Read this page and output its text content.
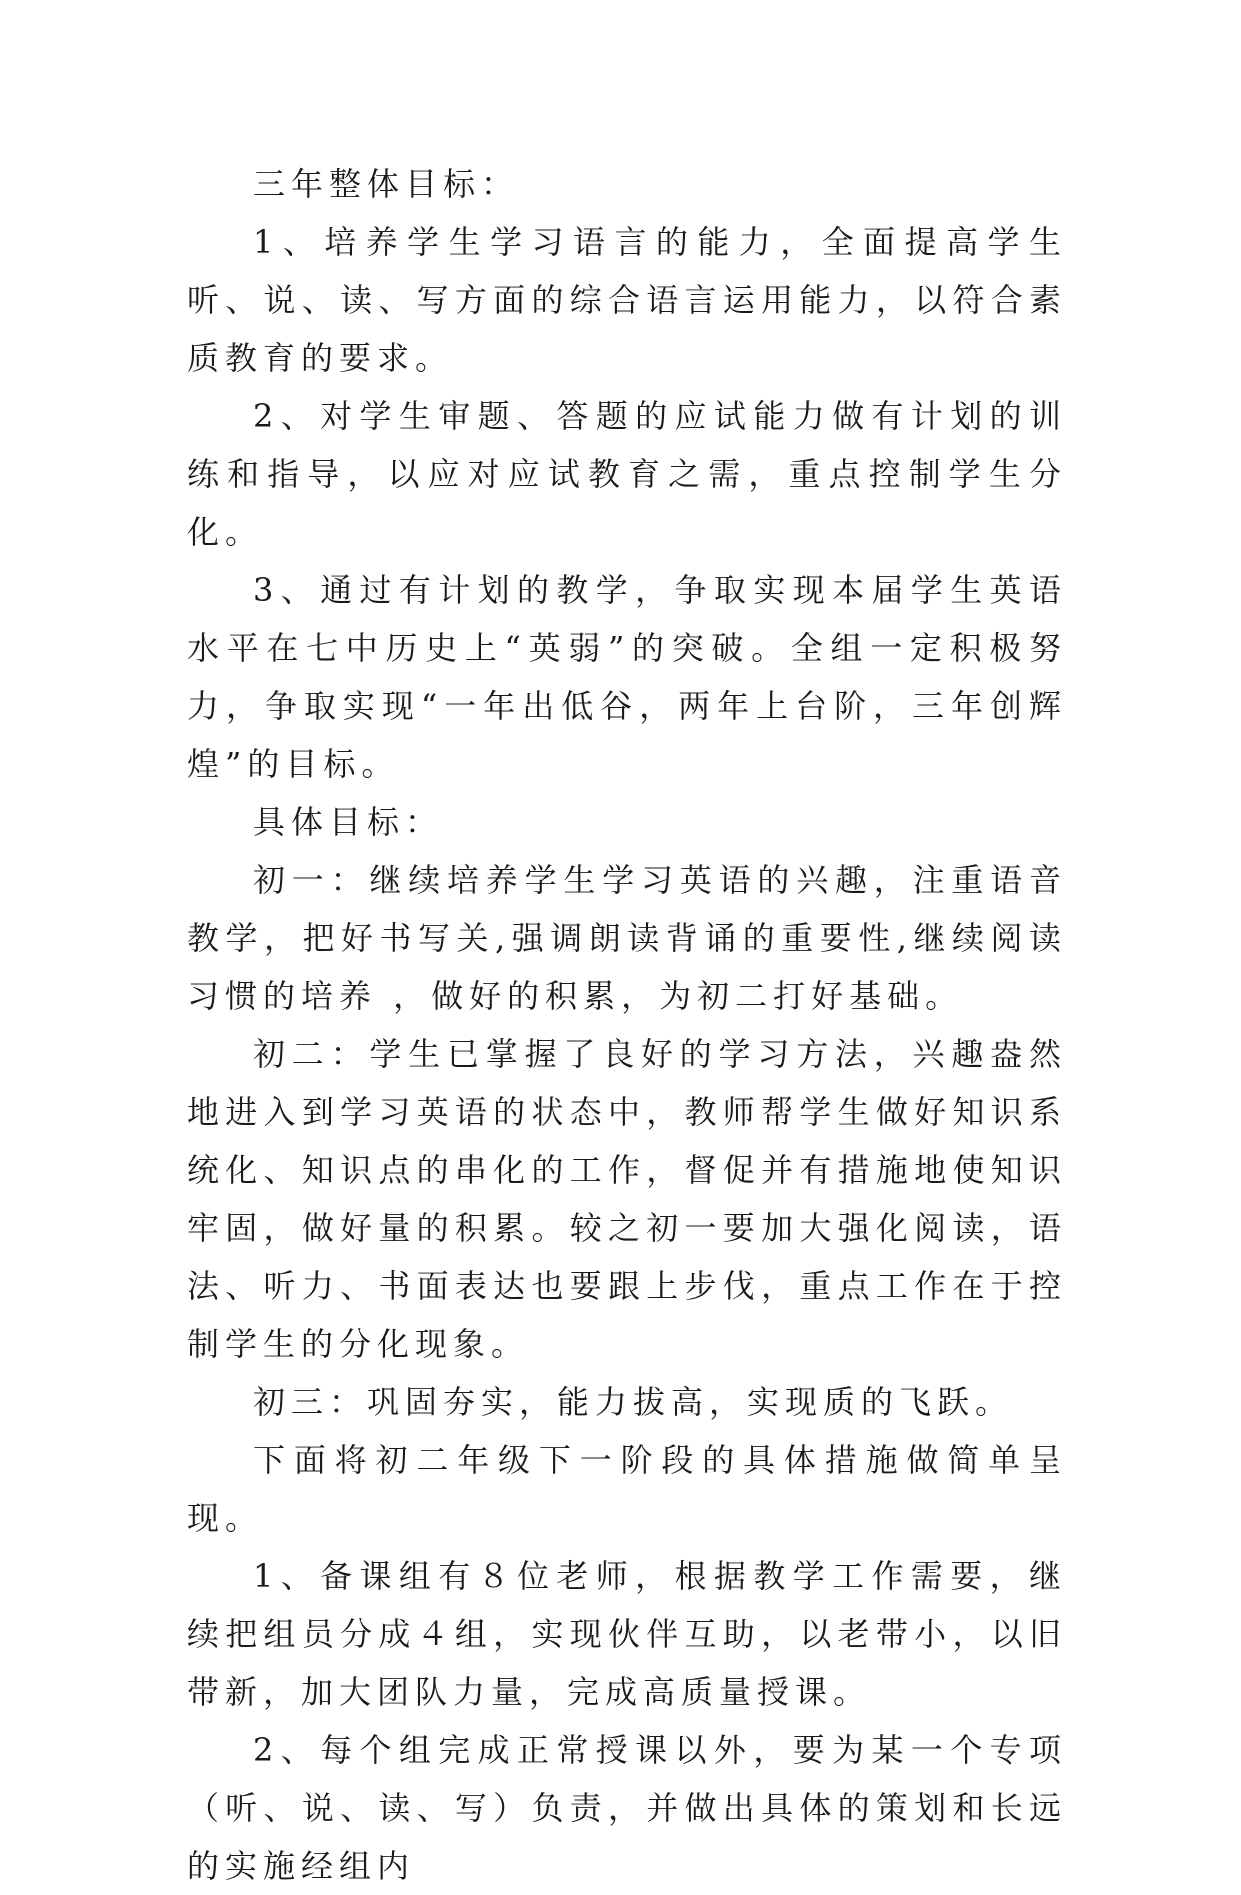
三年整体目标：

1、培养学生学习语言的能力，全面提高学生听、说、读、写方面的综合语言运用能力，以符合素质教育的要求。

2、对学生审题、答题的应试能力做有计划的训练和指导，以应对应试教育之需，重点控制学生分化。

3、通过有计划的教学，争取实现本届学生英语水平在七中历史上“英弱”的突破。全组一定积极努力，争取实现“一年出低谷，两年上台阶，三年创辉煌”的目标。

具体目标：

初一：继续培养学生学习英语的兴趣，注重语音教学，把好书写关,强调朗读背诵的重要性,继续阅读习惯的培养 ，做好的积累，为初二打好基础。

初二：学生已掌握了良好的学习方法，兴趣盎然地进入到学习英语的状态中，教师帮学生做好知识系统化、知识点的串化的工作，督促并有措施地使知识牢固，做好量的积累。较之初一要加大强化阅读，语法、听力、书面表达也要跟上步伐，重点工作在于控制学生的分化现象。

初三：巩固夯实，能力拔高，实现质的飞跃。

下面将初二年级下一阶段的具体措施做简单呈现。

1、备课组有８位老师，根据教学工作需要，继续把组员分成４组，实现伙伴互助，以老带小，以旧带新，加大团队力量，完成高质量授课。

2、每个组完成正常授课以外，要为某一个专项（听、说、读、写）负责，并做出具体的策划和长远的实施经组内
